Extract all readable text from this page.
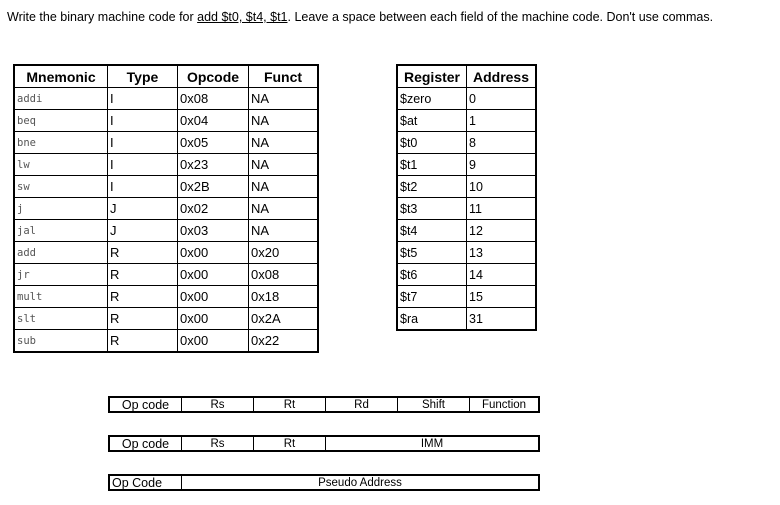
Write the binary machine code for add $t0, $t4, $t1. Leave a space between each field of the machine code. Don't use commas.
Mnemonic	Type	Opcode	Funct
addi	I	0x08	NA
beq	I	0x04	NA
bne	I	0x05	NA
lw	I	0x23	NA
sw	I	0x2B	NA
j	J	0x02	NA
jal	J	0x03	NA
add	R	0x00	0x20
jr	R	0x00	0x08
mult	R	0x00	0x18
slt	R	0x00	0x2A
sub	R	0x00	0x22
Register	Address
$zero	0
$at	1
$t0	8
$t1	9
$t2	10
$t3	11
$t4	12
$t5	13
$t6	14
$t7	15
$ra	31
Op code	Rs	Rt	Rd	Shift	Function
Op code	Rs	Rt	IMM
Op Code	Pseudo Address
